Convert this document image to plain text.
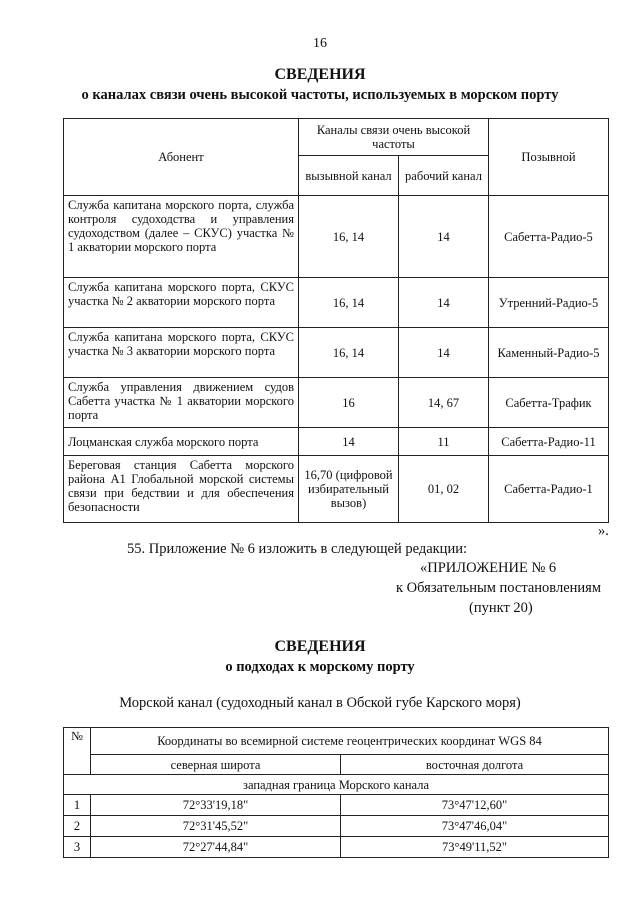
16
СВЕДЕНИЯ
о каналах связи очень высокой частоты, используемых в морском порту
Абонент	Каналы связи очень высокой частоты		Позывной
	вызывной канал	рабочий канал	
Служба капитана морского порта, служба контроля судоходства и управления судоходством (далее – СКУС) участка № 1 акватории морского порта	16, 14	14	Сабетта-Радио-5
Служба капитана морского порта, СКУС участка № 2 акватории морского порта	16, 14	14	Утренний-Радио-5
Служба капитана морского порта, СКУС участка № 3 акватории морского порта	16, 14	14	Каменный-Радио-5
Служба управления движением судов Сабетта участка № 1 акватории морского порта	16	14, 67	Сабетта-Трафик
Лоцманская служба морского порта	14	11	Сабетта-Радио-11
Береговая станция Сабетта морского района А1 Глобальной морской системы связи при бедствии и для обеспечения безопасности	16,70 (цифровой избирательный вызов)	01, 02	Сабетта-Радио-1
».
55. Приложение № 6 изложить в следующей редакции:
«ПРИЛОЖЕНИЕ № 6
к Обязательным постановлениям
(пункт 20)
СВЕДЕНИЯ
о подходах к морскому порту
Морской канал (судоходный канал в Обской губе Карского моря)
№	Координаты во всемирной системе геоцентрических координат WGS 84	
	северная широта	восточная долгота
западная граница Морского канала		
1	72°33'19,18"	73°47'12,60"
2	72°31'45,52"	73°47'46,04"
3	72°27'44,84"	73°49'11,52"
